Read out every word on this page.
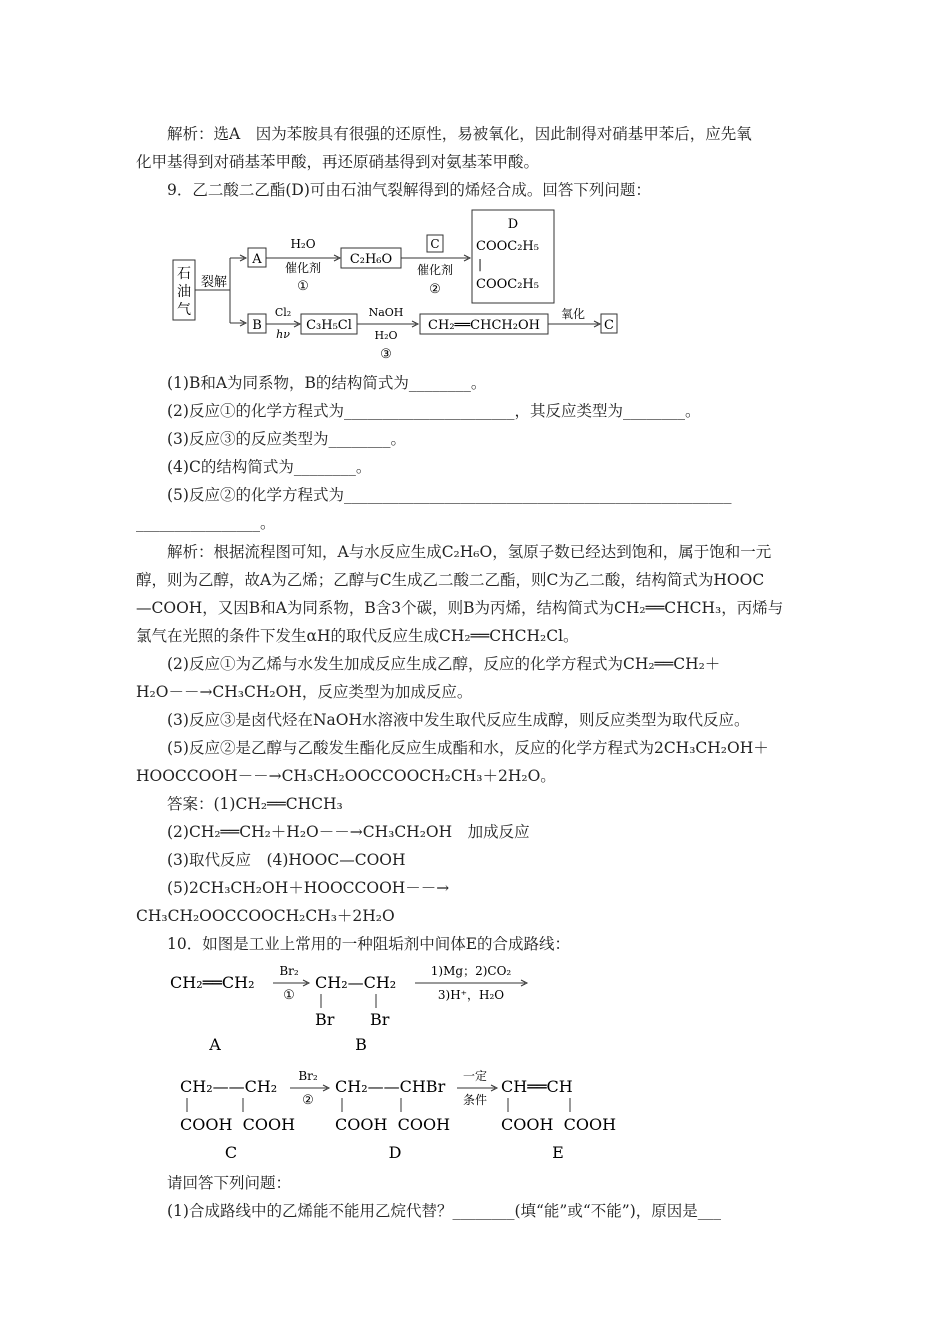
解析：选A　因为苯胺具有很强的还原性，易被氧化，因此制得对硝基甲苯后，应先氧
化甲基得到对硝基苯甲酸，再还原硝基得到对氨基苯甲酸。
9．乙二酸二乙酯(D)可由石油气裂解得到的烯烃合成。回答下列问题：
石
油
气
裂解
A
H₂O
催化剂
①
C₂H₆O
C
催化剂
②
D
COOC₂H₅
|
COOC₂H₅
B
Cl₂
hν
C₃H₅Cl
NaOH
H₂O
③
CH₂══CHCH₂OH
氧化
C
(1)B和A为同系物，B的结构简式为________。
(2)反应①的化学方程式为______________________，其反应类型为________。
(3)反应③的反应类型为________。
(4)C的结构简式为________。
(5)反应②的化学方程式为__________________________________________________
________________。
解析：根据流程图可知，A与水反应生成C₂H₆O，氢原子数已经达到饱和，属于饱和一元
醇，则为乙醇，故A为乙烯；乙醇与C生成乙二酸二乙酯，则C为乙二酸，结构简式为HOOC
—COOH，又因B和A为同系物，B含3个碳，则B为丙烯，结构简式为CH₂══CHCH₃，丙烯与
氯气在光照的条件下发生αH的取代反应生成CH₂══CHCH₂Cl。
(2)反应①为乙烯与水发生加成反应生成乙醇，反应的化学方程式为CH₂══CH₂＋
H₂O－－→CH₃CH₂OH，反应类型为加成反应。
(3)反应③是卤代烃在NaOH水溶液中发生取代反应生成醇，则反应类型为取代反应。
(5)反应②是乙醇与乙酸发生酯化反应生成酯和水，反应的化学方程式为2CH₃CH₂OH＋
HOOCCOOH－－→CH₃CH₂OOCCOOCH₂CH₃＋2H₂O。
答案：(1)CH₂══CHCH₃
(2)CH₂══CH₂＋H₂O－－→CH₃CH₂OH　加成反应
(3)取代反应　(4)HOOC—COOH
(5)2CH₃CH₂OH＋HOOCCOOH－－→
CH₃CH₂OOCCOOCH₂CH₃＋2H₂O
10．如图是工业上常用的一种阻垢剂中间体E的合成路线：
CH₂══CH₂
A
Br₂
①
CH₂—CH₂
Br Br
B
1)Mg；2)CO₂
3)H⁺，H₂O
CH₂——CH₂
COOH  COOH
C
Br₂
②
CH₂——CHBr
COOH  COOH
D
一定
条件
CH══CH
COOH  COOH
E
请回答下列问题：
(1)合成路线中的乙烯能不能用乙烷代替？________(填“能”或“不能”)，原因是___
